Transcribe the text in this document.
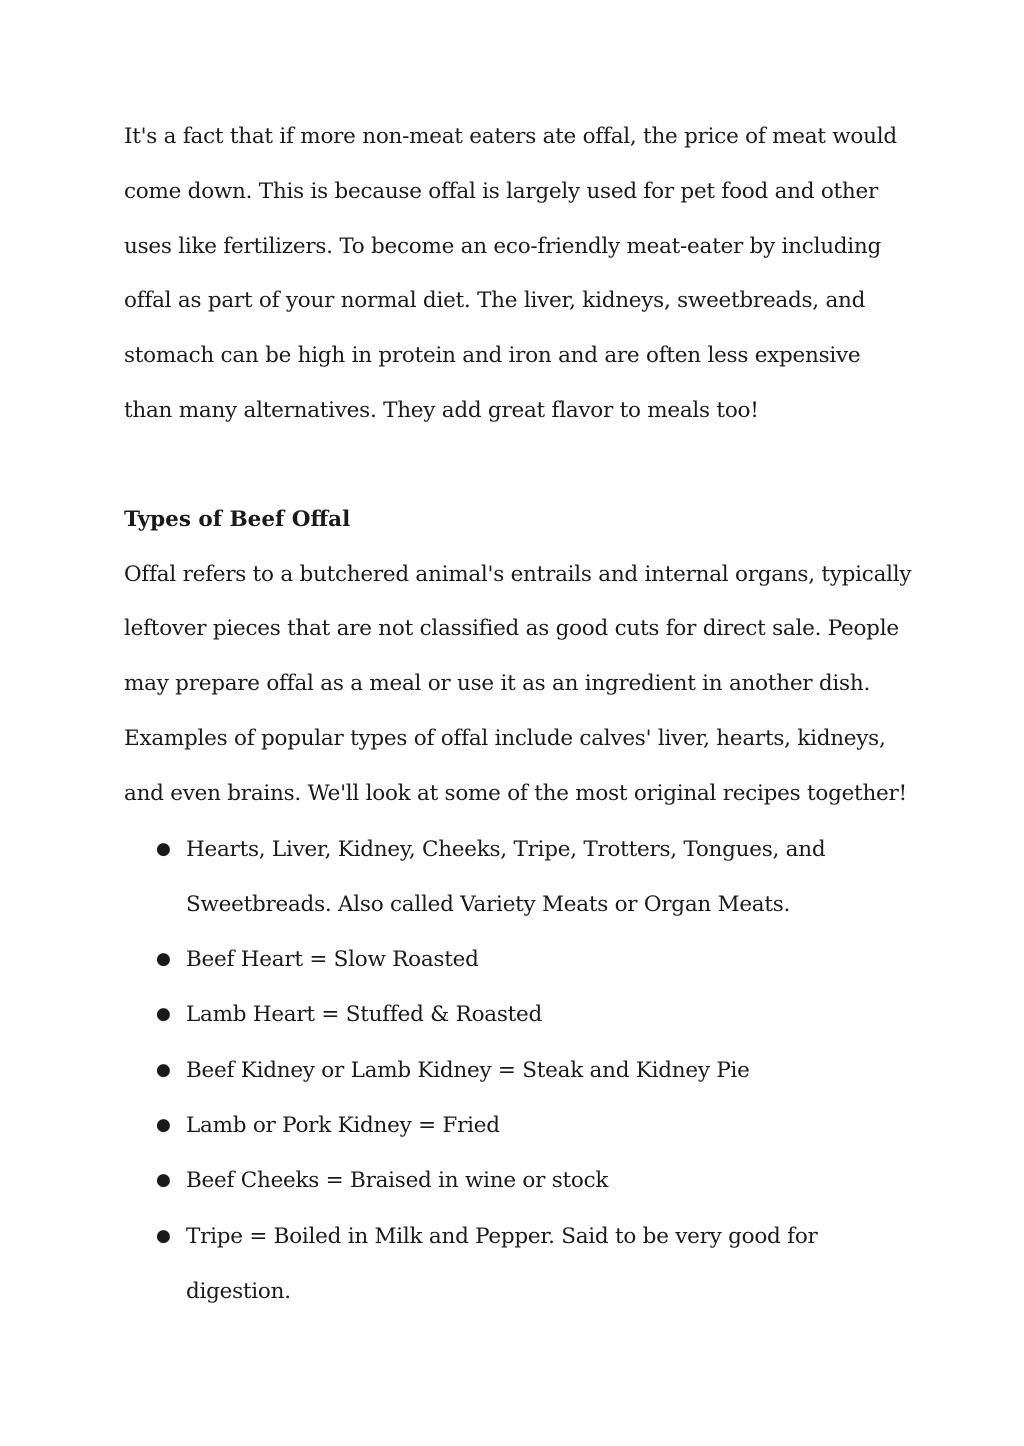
It's a fact that if more non-meat eaters ate offal, the price of meat would come down. This is because offal is largely used for pet food and other uses like fertilizers. To become an eco-friendly meat-eater by including offal as part of your normal diet. The liver, kidneys, sweetbreads, and stomach can be high in protein and iron and are often less expensive than many alternatives. They add great flavor to meals too!

Types of Beef Offal

Offal refers to a butchered animal's entrails and internal organs, typically leftover pieces that are not classified as good cuts for direct sale. People may prepare offal as a meal or use it as an ingredient in another dish. Examples of popular types of offal include calves' liver, hearts, kidneys, and even brains. We'll look at some of the most original recipes together!

● Hearts, Liver, Kidney, Cheeks, Tripe, Trotters, Tongues, and Sweetbreads. Also called Variety Meats or Organ Meats.
● Beef Heart = Slow Roasted
● Lamb Heart = Stuffed & Roasted
● Beef Kidney or Lamb Kidney = Steak and Kidney Pie
● Lamb or Pork Kidney = Fried
● Beef Cheeks = Braised in wine or stock
● Tripe = Boiled in Milk and Pepper. Said to be very good for digestion.
